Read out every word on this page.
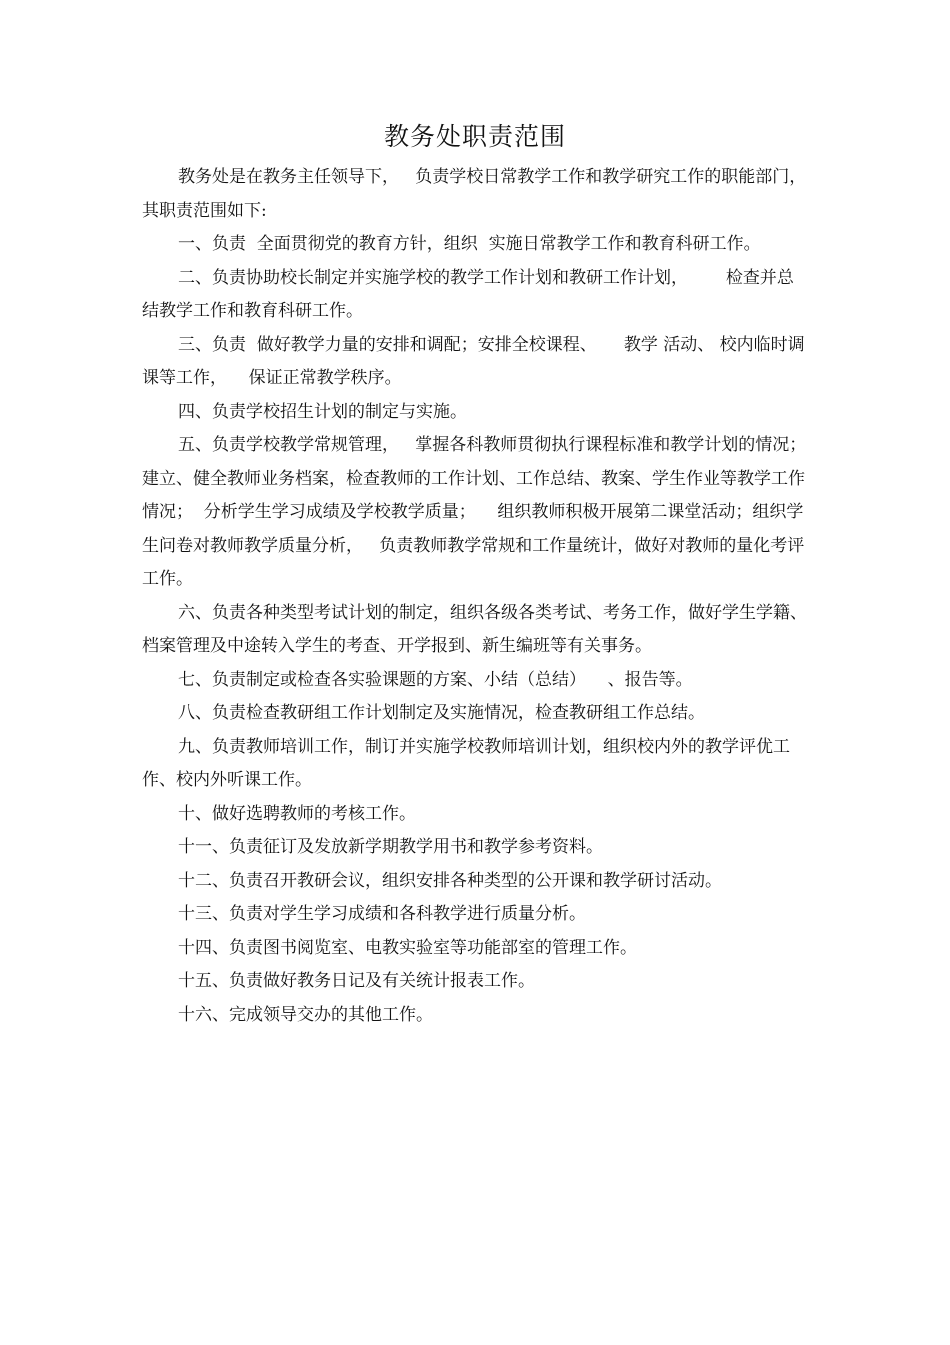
教务处职责范围

教务处是在教务主任领导下，   负责学校日常教学工作和教学研究工作的职能部门，其职责范围如下:

一、负责  全面贯彻党的教育方针，组织  实施日常教学工作和教育科研工作。

二、负责协助校长制定并实施学校的教学工作计划和教研工作计划，       检查并总结教学工作和教育科研工作。

三、负责  做好教学力量的安排和调配；安排全校课程、     教学 活动、 校内临时调课等工作，    保证正常教学秩序。

四、负责学校招生计划的制定与实施。

五、负责学校教学常规管理，   掌握各科教师贯彻执行课程标准和教学计划的情况；建立、健全教师业务档案，检查教师的工作计划、工作总结、教案、学生作业等教学工作情况；  分析学生学习成绩及学校教学质量；    组织教师积极开展第二课堂活动；组织学生问卷对教师教学质量分析，   负责教师教学常规和工作量统计，做好对教师的量化考评工作。

六、负责各种类型考试计划的制定，组织各级各类考试、考务工作，做好学生学籍、档案管理及中途转入学生的考查、开学报到、新生编班等有关事务。

七、负责制定或检查各实验课题的方案、小结（总结）    、报告等。

八、负责检查教研组工作计划制定及实施情况，检查教研组工作总结。

九、负责教师培训工作，制订并实施学校教师培训计划，组织校内外的教学评优工作、校内外听课工作。

十、做好选聘教师的考核工作。

十一、负责征订及发放新学期教学用书和教学参考资料。

十二、负责召开教研会议，组织安排各种类型的公开课和教学研讨活动。

十三、负责对学生学习成绩和各科教学进行质量分析。

十四、负责图书阅览室、电教实验室等功能部室的管理工作。

十五、负责做好教务日记及有关统计报表工作。

十六、完成领导交办的其他工作。
